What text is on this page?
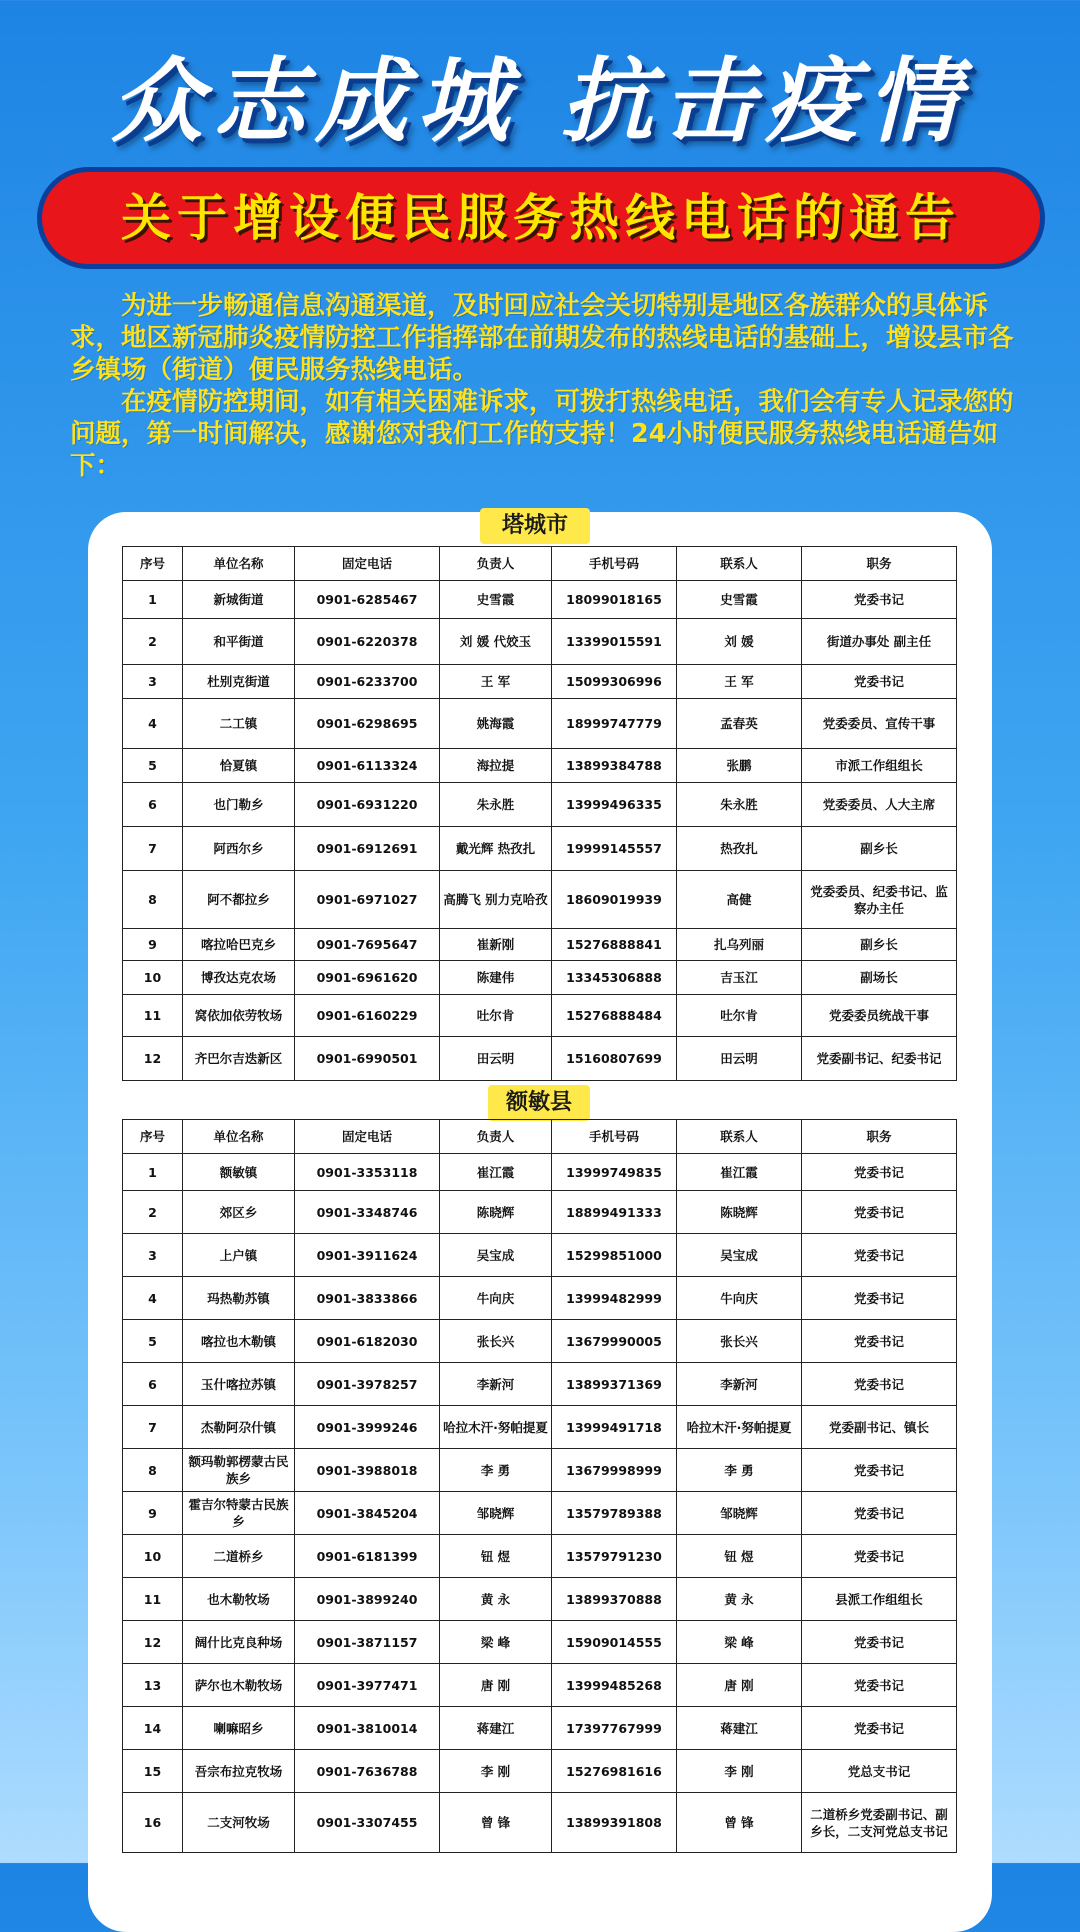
众志成城 抗击疫情
关于增设便民服务热线电话的通告

为进一步畅通信息沟通渠道，及时回应社会关切特别是地区各族群众的具体诉求，地区新冠肺炎疫情防控工作指挥部在前期发布的热线电话的基础上，增设县市各乡镇场（街道）便民服务热线电话。

在疫情防控期间，如有相关困难诉求，可拨打热线电话，我们会有专人记录您的问题，第一时间解决，感谢您对我们工作的支持！24小时便民服务热线电话通告如下：

塔城市
序号	单位名称	固定电话	负责人	手机号码	联系人	职务
1	新城街道	0901-6285467	史雪霞	18099018165	史雪霞	党委书记
2	和平街道	0901-6220378	刘 媛 代姣玉	13399015591	刘 媛	街道办事处 副主任
3	杜别克街道	0901-6233700	王 军	15099306996	王 军	党委书记
4	二工镇	0901-6298695	姚海霞	18999747779	孟春英	党委委员、宣传干事
5	恰夏镇	0901-6113324	海拉提	13899384788	张鹏	市派工作组组长
6	也门勒乡	0901-6931220	朱永胜	13999496335	朱永胜	党委委员、人大主席
7	阿西尔乡	0901-6912691	戴光辉 热孜扎	19999145557	热孜扎	副乡长
8	阿不都拉乡	0901-6971027	高腾飞 别力克哈孜	18609019939	高健	党委委员、纪委书记、监察办主任
9	喀拉哈巴克乡	0901-7695647	崔新刚	15276888841	扎乌列丽	副乡长
10	博孜达克农场	0901-6961620	陈建伟	13345306888	吉玉江	副场长
11	窝依加依劳牧场	0901-6160229	吐尔肯	15276888484	吐尔肯	党委委员统战干事
12	齐巴尔吉迭新区	0901-6990501	田云明	15160807699	田云明	党委副书记、纪委书记
额敏县
序号	单位名称	固定电话	负责人	手机号码	联系人	职务
1	额敏镇	0901-3353118	崔江霞	13999749835	崔江霞	党委书记
2	郊区乡	0901-3348746	陈晓辉	18899491333	陈晓辉	党委书记
3	上户镇	0901-3911624	吴宝成	15299851000	吴宝成	党委书记
4	玛热勒苏镇	0901-3833866	牛向庆	13999482999	牛向庆	党委书记
5	喀拉也木勒镇	0901-6182030	张长兴	13679990005	张长兴	党委书记
6	玉什喀拉苏镇	0901-3978257	李新河	13899371369	李新河	党委书记
7	杰勒阿尕什镇	0901-3999246	哈拉木汗·努帕提夏	13999491718	哈拉木汗·努帕提夏	党委副书记、镇长
8	额玛勒郭楞蒙古民族乡	0901-3988018	李 勇	13679998999	李 勇	党委书记
9	霍吉尔特蒙古民族乡	0901-3845204	邹晓辉	13579789388	邹晓辉	党委书记
10	二道桥乡	0901-6181399	钮 煜	13579791230	钮 煜	党委书记
11	也木勒牧场	0901-3899240	黄 永	13899370888	黄 永	县派工作组组长
12	阔什比克良种场	0901-3871157	梁 峰	15909014555	梁 峰	党委书记
13	萨尔也木勒牧场	0901-3977471	唐 刚	13999485268	唐 刚	党委书记
14	喇嘛昭乡	0901-3810014	蒋建江	17397767999	蒋建江	党委书记
15	吾宗布拉克牧场	0901-7636788	李 刚	15276981616	李 刚	党总支书记
16	二支河牧场	0901-3307455	曾 锋	13899391808	曾 锋	二道桥乡党委副书记、副乡长，二支河党总支书记
